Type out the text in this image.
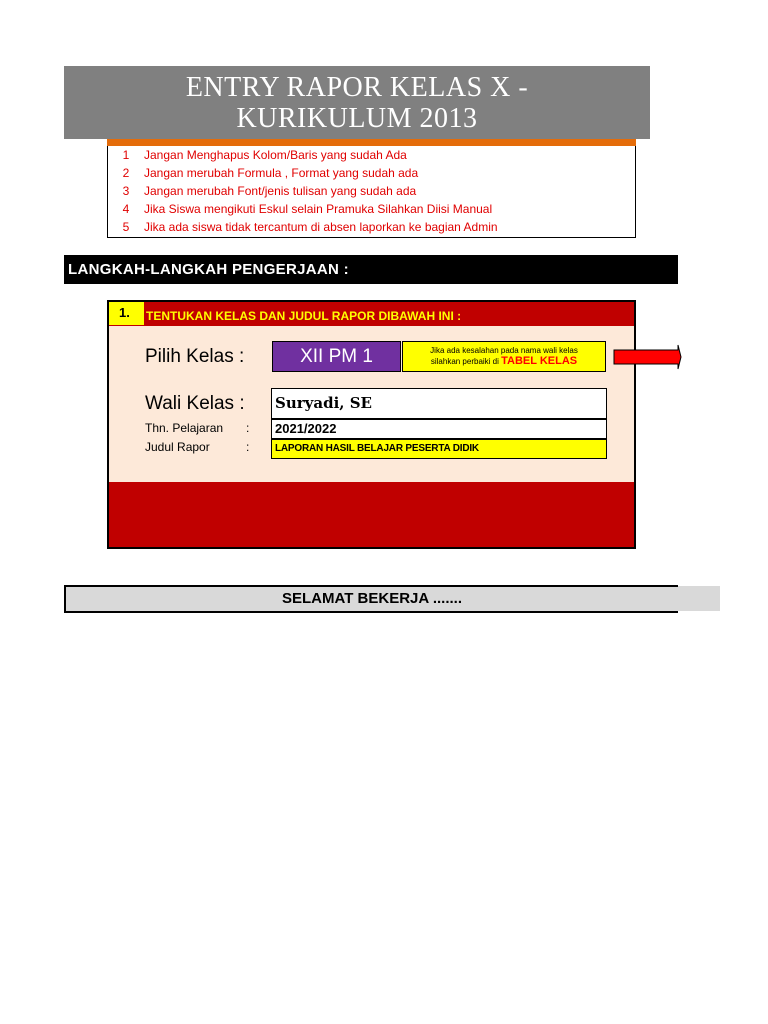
ENTRY RAPOR KELAS X -
KURIKULUM 2013
1	Jangan Menghapus Kolom/Baris yang sudah Ada
2	Jangan merubah Formula , Format yang sudah ada
3	Jangan merubah Font/jenis tulisan yang sudah ada
4	Jika Siswa mengikuti Eskul selain Pramuka Silahkan Diisi Manual
5	Jika ada siswa tidak tercantum di absen laporkan ke bagian Admin
LANGKAH-LANGKAH PENGERJAAN :
1.	TENTUKAN KELAS DAN JUDUL RAPOR DIBAWAH INI :
Pilih Kelas :	XII PM 1	Jika ada kesalahan pada nama wali kelas
silahkan perbaiki di TABEL KELAS
Wali Kelas : Suryadi, SE
Thn. Pelajaran :	2021/2022
Judul Rapor	:	LAPORAN HASIL BELAJAR PESERTA DIDIK
SELAMAT BEKERJA .......
